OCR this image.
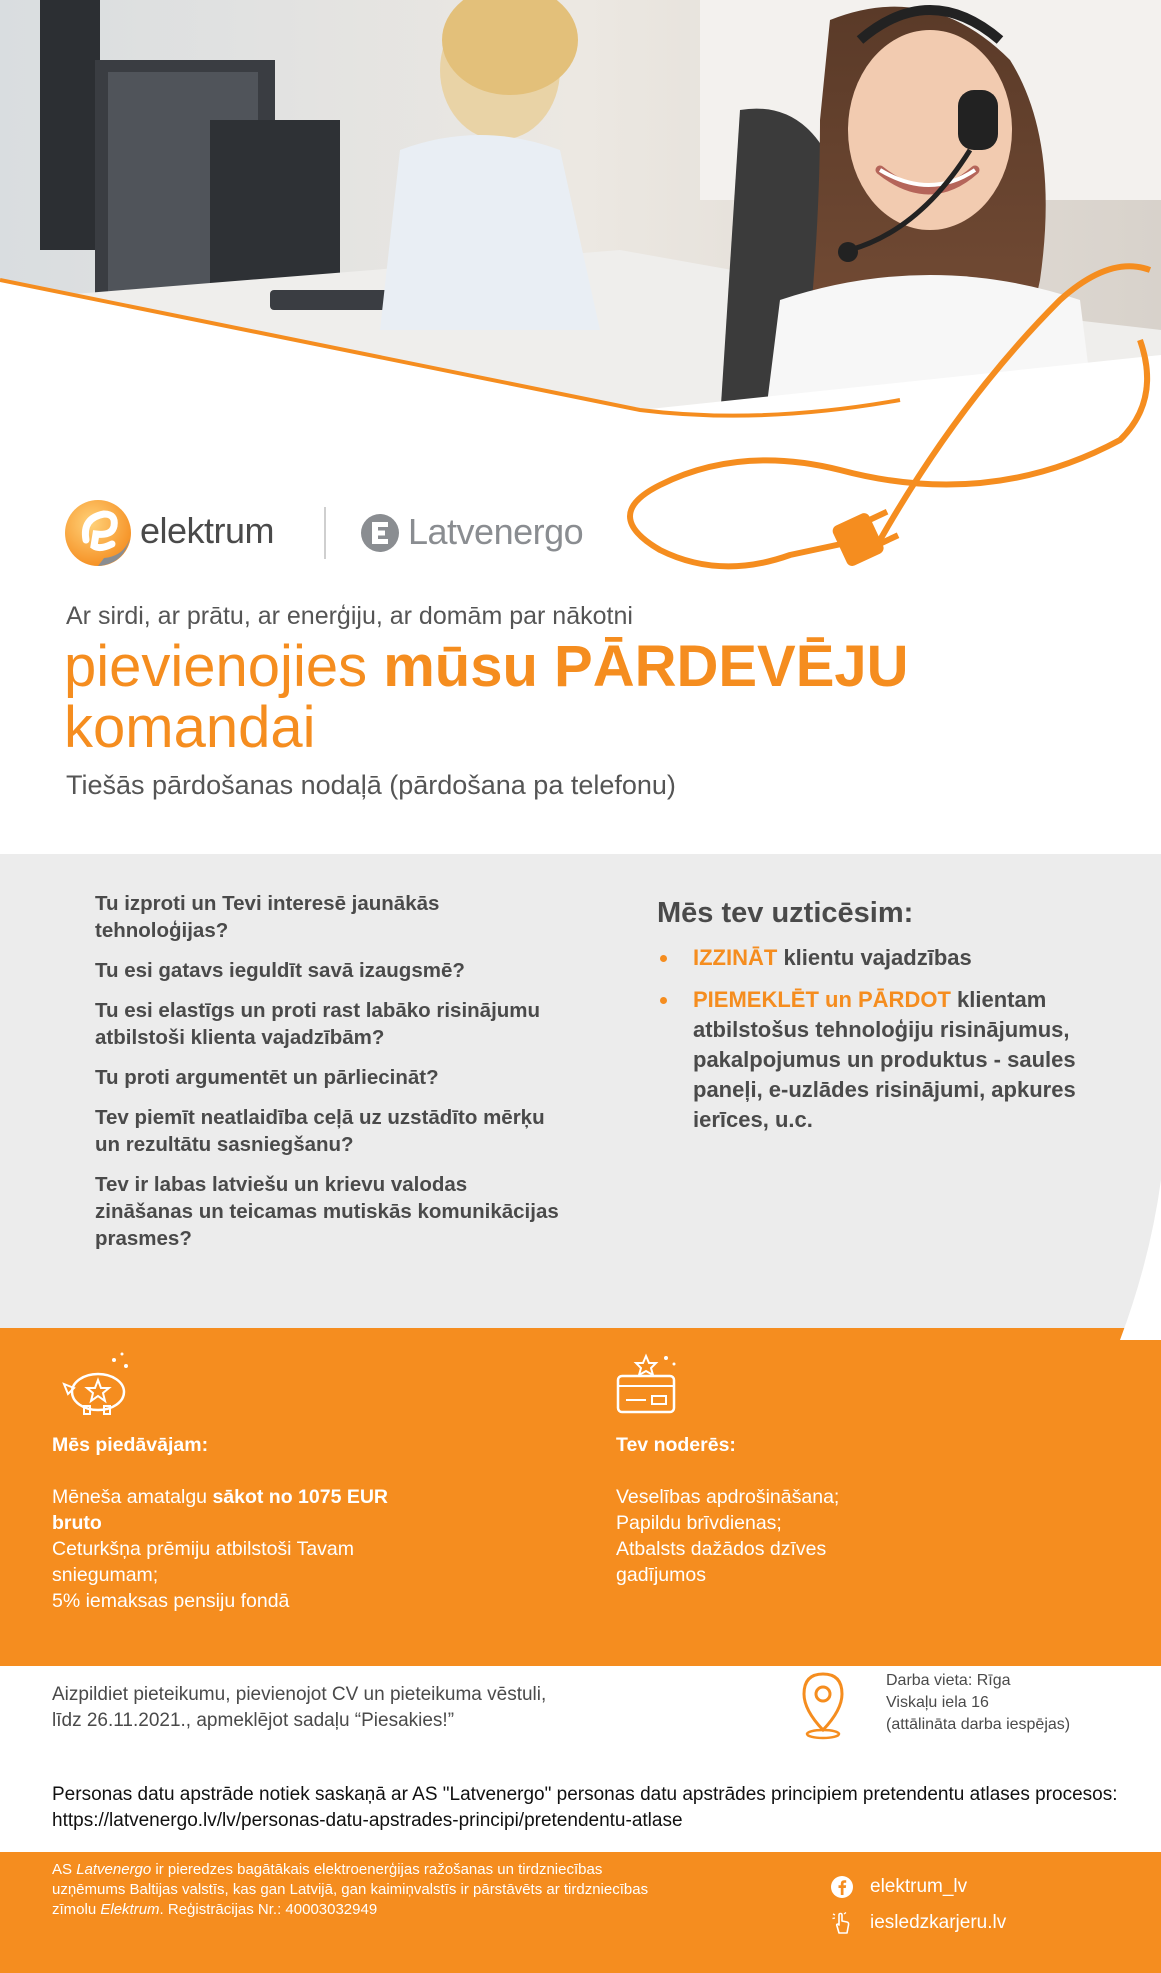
elektrum	Latvenergo
Ar sirdi, ar prātu, ar enerģiju, ar domām par nākotni
pievienojies mūsu PĀRDEVĒJU
komandai
Tiešās pārdošanas nodaļā (pārdošana pa telefonu)
Tu izproti un Tevi interesē jaunākās tehnoloģijas?
Tu esi gatavs ieguldīt savā izaugsmē?
Tu esi elastīgs un proti rast labāko risinājumu atbilstoši klienta vajadzībām?
Tu proti argumentēt un pārliecināt?
Tev piemīt neatlaidība ceļā uz uzstādīto mērķu un rezultātu sasniegšanu?
Tev ir labas latviešu un krievu valodas zināšanas un teicamas mutiskās komunikācijas prasmes?
Mēs tev uzticēsim:
IZZINĀT klientu vajadzības
PIEMEKLĒT un PĀRDOT klientam atbilstošus tehnoloģiju risinājumus, pakalpojumus un produktus - saules paneļi, e-uzlādes risinājumi, apkures ierīces, u.c.
Mēs piedāvājam:
Mēneša amatalgu sākot no 1075 EUR bruto
Ceturkšņa prēmiju atbilstoši Tavam sniegumam;
5% iemaksas pensiju fondā
Tev noderēs:
Veselības apdrošināšana;
Papildu brīvdienas;
Atbalsts dažādos dzīves gadījumos
Aizpildiet pieteikumu, pievienojot CV un pieteikuma vēstuli,
līdz 26.11.2021., apmeklējot sadaļu “Piesakies!”
Darba vieta: Rīga
Viskaļu iela 16
(attālināta darba iespējas)
Personas datu apstrāde notiek saskaņā ar AS "Latvenergo" personas datu apstrādes principiem pretendentu atlases procesos: https://latvenergo.lv/lv/personas-datu-apstrades-principi/pretendentu-atlase
AS Latvenergo ir pieredzes bagātākais elektroenerģijas ražošanas un tirdzniecības uzņēmums Baltijas valstīs, kas gan Latvijā, gan kaimiņvalstīs ir pārstāvēts ar tirdzniecības zīmolu Elektrum. Reģistrācijas Nr.: 40003032949
elektrum_lv
iesledzkarjeru.lv
